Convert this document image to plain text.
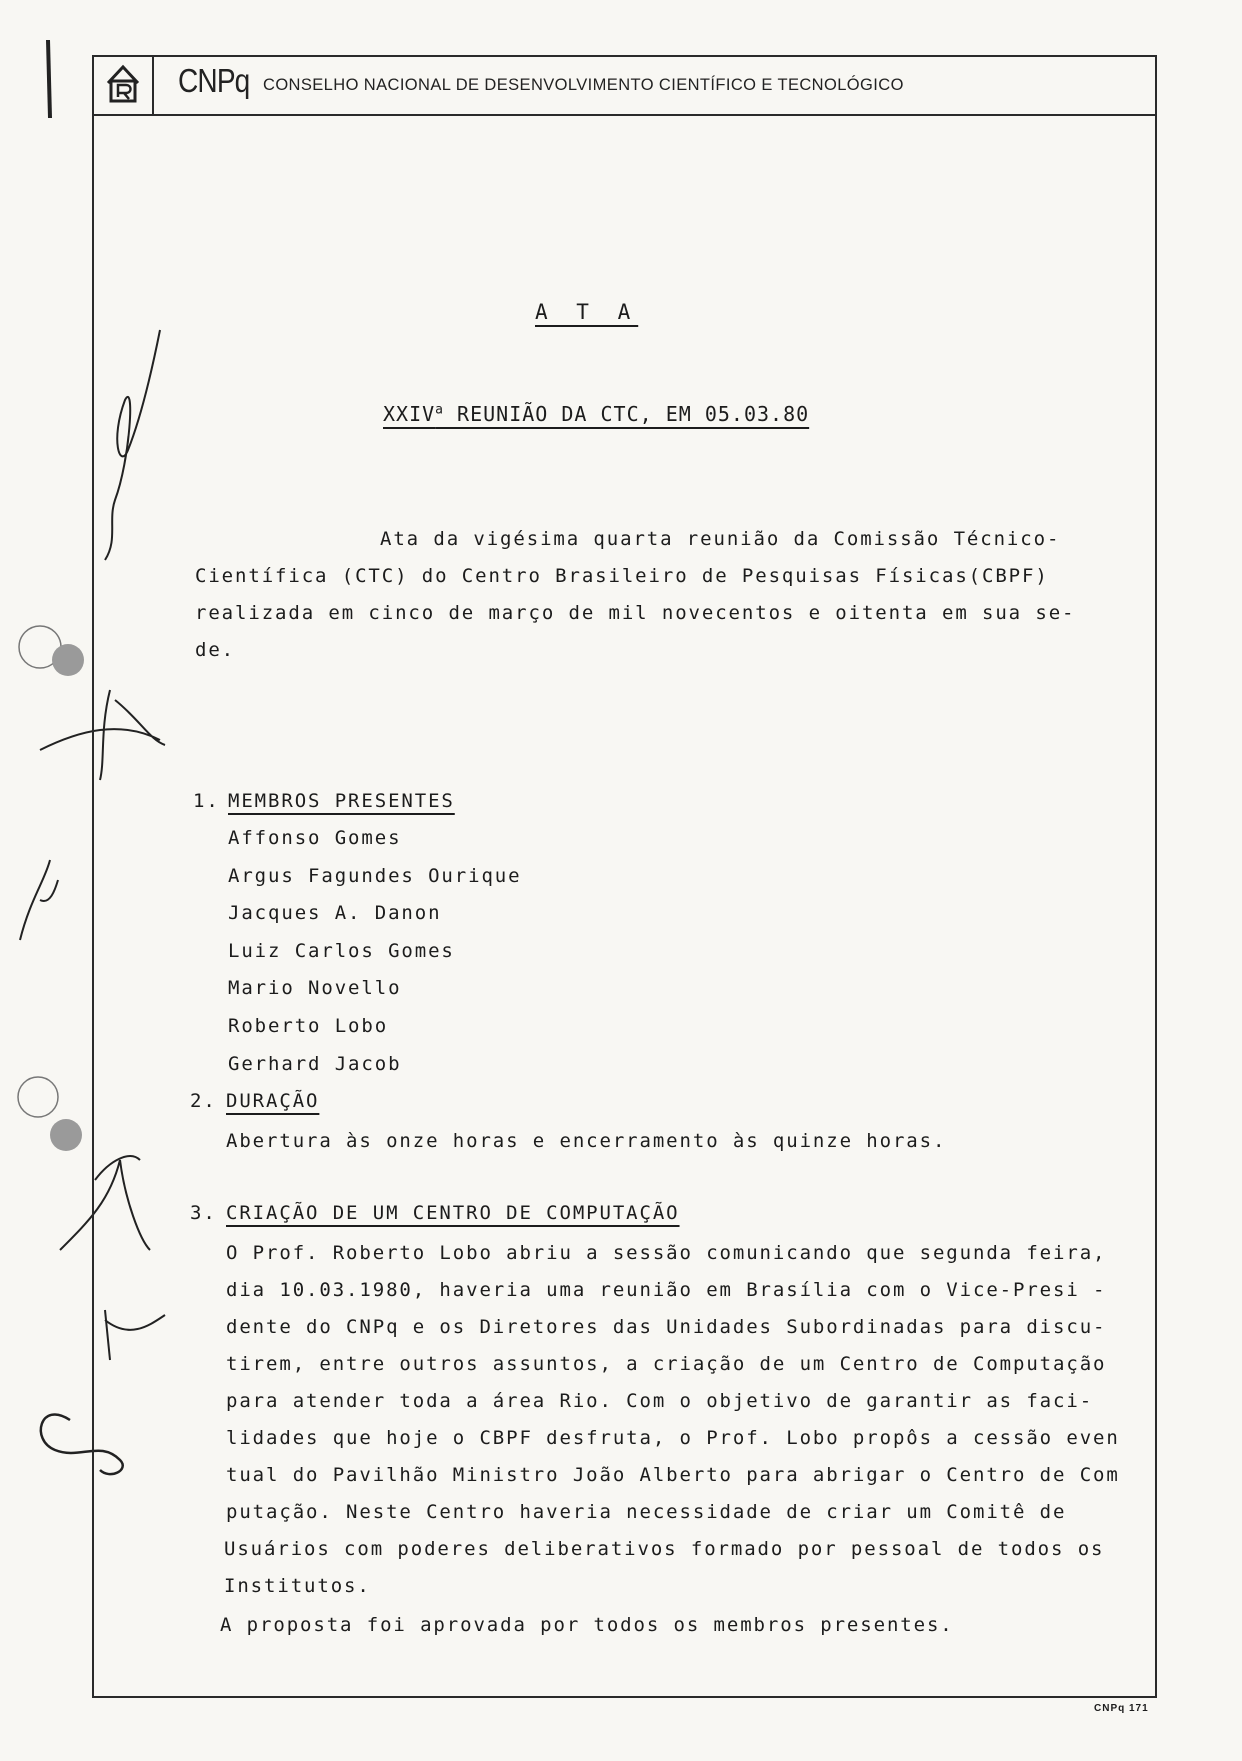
CNPq CONSELHO NACIONAL DE DESENVOLVIMENTO CIENTÍFICO E TECNOLÓGICO
A T A
XXIV$^a$ REUNIÃO DA CTC, EM 05.03.80
Ata da vigésima quarta reunião da Comissão Técnico-
Científica (CTC) do Centro Brasileiro de Pesquisas Físicas(CBPF)
realizada em cinco de março de mil novecentos e oitenta em sua se-
de.
1. MEMBROS PRESENTES
Affonso Gomes
Argus Fagundes Ourique
Jacques A. Danon
Luiz Carlos Gomes
Mario Novello
Roberto Lobo
Gerhard Jacob
2. DURAÇÃO
Abertura às onze horas e encerramento às quinze horas.
3. CRIAÇÃO DE UM CENTRO DE COMPUTAÇÃO
O Prof. Roberto Lobo abriu a sessão comunicando que segunda feira,
dia 10.03.1980, haveria uma reunião em Brasília com o Vice-Presi -
dente do CNPq e os Diretores das Unidades Subordinadas para discu-
tirem, entre outros assuntos, a criação de um Centro de Computação
para atender toda a área Rio. Com o objetivo de garantir as faci-
lidades que hoje o CBPF desfruta, o Prof. Lobo propôs a cessão even
tual do Pavilhão Ministro João Alberto para abrigar o Centro de Com
putação. Neste Centro haveria necessidade de criar um Comitê de
Usuários com poderes deliberativos formado por pessoal de todos os
Institutos.
A proposta foi aprovada por todos os membros presentes.
CNPq 171
